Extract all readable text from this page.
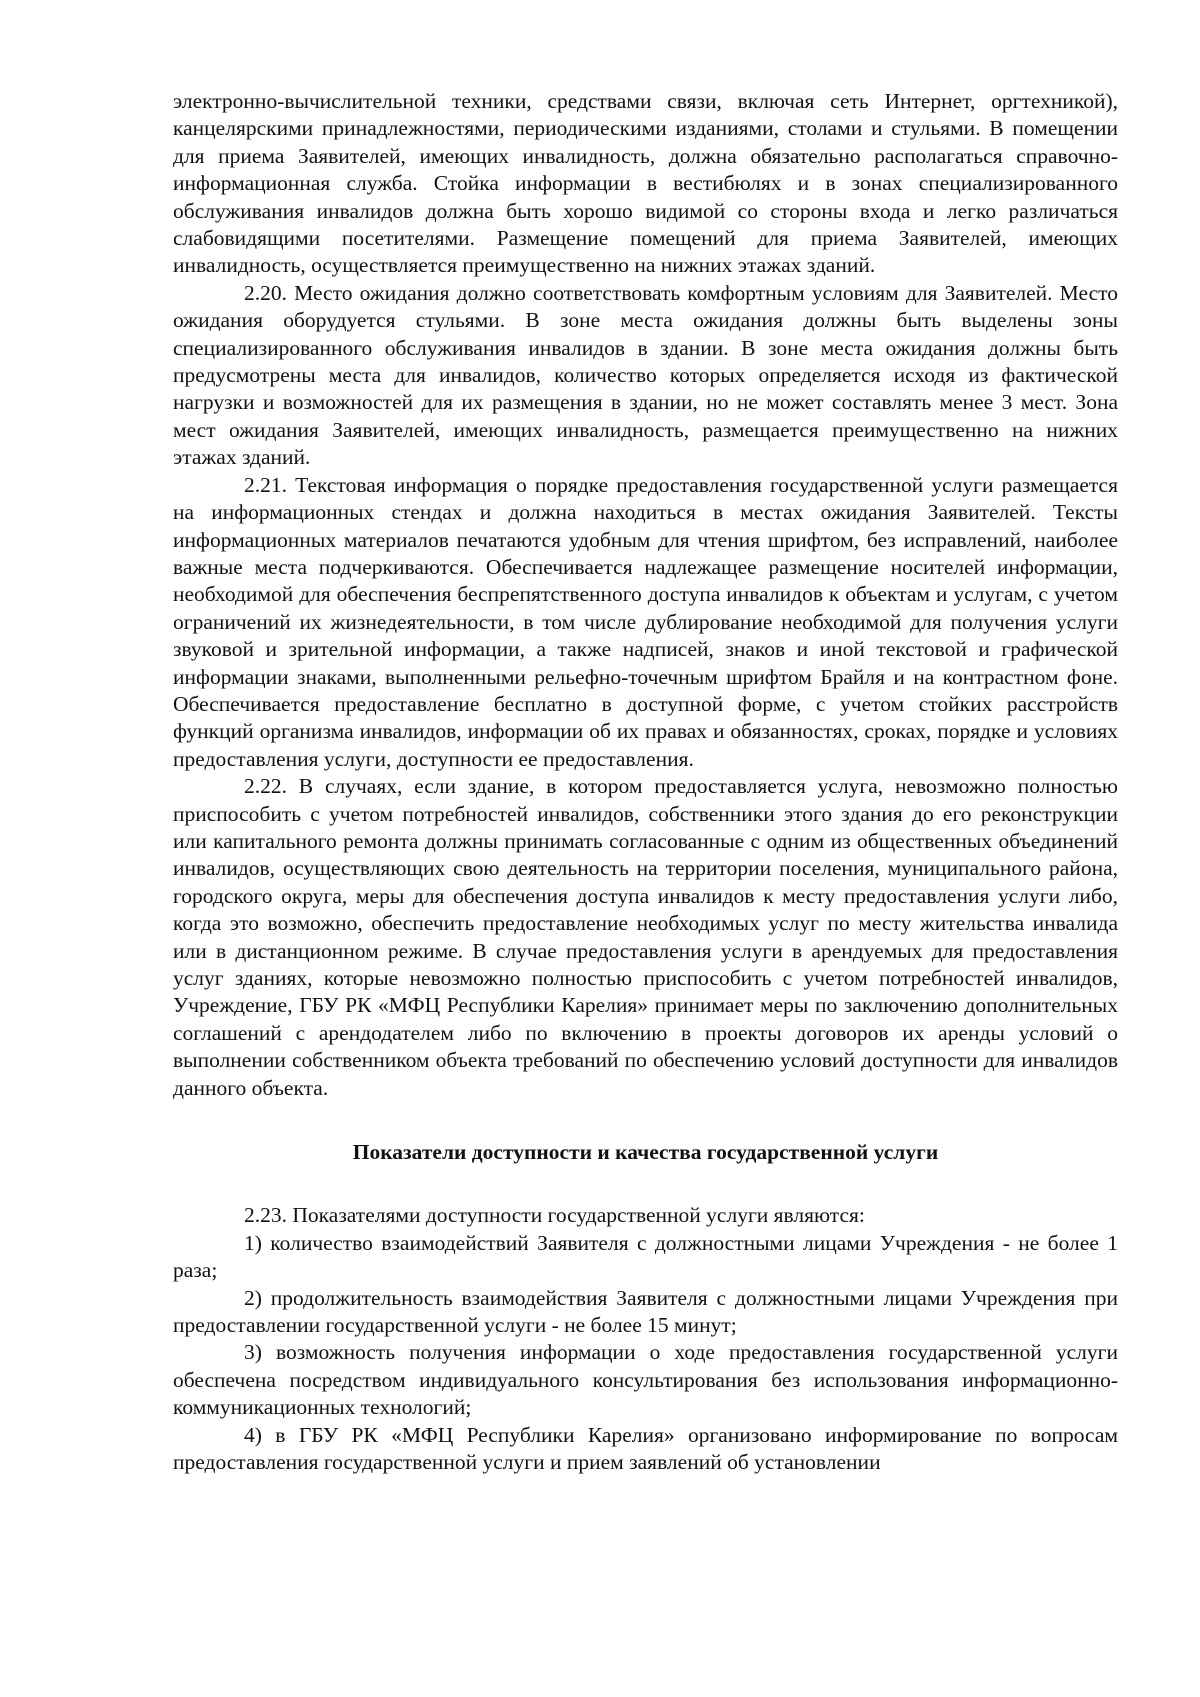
электронно-вычислительной техники, средствами связи, включая сеть Интернет, оргтехникой), канцелярскими принадлежностями, периодическими изданиями, столами и стульями. В помещении для приема Заявителей, имеющих инвалидность, должна обязательно располагаться справочно-информационная служба. Стойка информации в вестибюлях и в зонах специализированного обслуживания инвалидов должна быть хорошо видимой со стороны входа и легко различаться слабовидящими посетителями. Размещение помещений для приема Заявителей, имеющих инвалидность, осуществляется преимущественно на нижних этажах зданий.

2.20. Место ожидания должно соответствовать комфортным условиям для Заявителей. Место ожидания оборудуется стульями. В зоне места ожидания должны быть выделены зоны специализированного обслуживания инвалидов в здании. В зоне места ожидания должны быть предусмотрены места для инвалидов, количество которых определяется исходя из фактической нагрузки и возможностей для их размещения в здании, но не может составлять менее 3 мест. Зона мест ожидания Заявителей, имеющих инвалидность, размещается преимущественно на нижних этажах зданий.

2.21. Текстовая информация о порядке предоставления государственной услуги размещается на информационных стендах и должна находиться в местах ожидания Заявителей. Тексты информационных материалов печатаются удобным для чтения шрифтом, без исправлений, наиболее важные места подчеркиваются. Обеспечивается надлежащее размещение носителей информации, необходимой для обеспечения беспрепятственного доступа инвалидов к объектам и услугам, с учетом ограничений их жизнедеятельности, в том числе дублирование необходимой для получения услуги звуковой и зрительной информации, а также надписей, знаков и иной текстовой и графической информации знаками, выполненными рельефно-точечным шрифтом Брайля и на контрастном фоне. Обеспечивается предоставление бесплатно в доступной форме, с учетом стойких расстройств функций организма инвалидов, информации об их правах и обязанностях, сроках, порядке и условиях предоставления услуги, доступности ее предоставления.

2.22. В случаях, если здание, в котором предоставляется услуга, невозможно полностью приспособить с учетом потребностей инвалидов, собственники этого здания до его реконструкции или капитального ремонта должны принимать согласованные с одним из общественных объединений инвалидов, осуществляющих свою деятельность на территории поселения, муниципального района, городского округа, меры для обеспечения доступа инвалидов к месту предоставления услуги либо, когда это возможно, обеспечить предоставление необходимых услуг по месту жительства инвалида или в дистанционном режиме. В случае предоставления услуги в арендуемых для предоставления услуг зданиях, которые невозможно полностью приспособить с учетом потребностей инвалидов, Учреждение, ГБУ РК «МФЦ Республики Карелия» принимает меры по заключению дополнительных соглашений с арендодателем либо по включению в проекты договоров их аренды условий о выполнении собственником объекта требований по обеспечению условий доступности для инвалидов данного объекта.

Показатели доступности и качества государственной услуги

2.23. Показателями доступности государственной услуги являются:

1) количество взаимодействий Заявителя с должностными лицами Учреждения - не более 1 раза;

2) продолжительность взаимодействия Заявителя с должностными лицами Учреждения при предоставлении государственной услуги - не более 15 минут;

3) возможность получения информации о ходе предоставления государственной услуги обеспечена посредством индивидуального консультирования без использования информационно-коммуникационных технологий;

4) в ГБУ РК «МФЦ Республики Карелия» организовано информирование по вопросам предоставления государственной услуги и прием заявлений об установлении
